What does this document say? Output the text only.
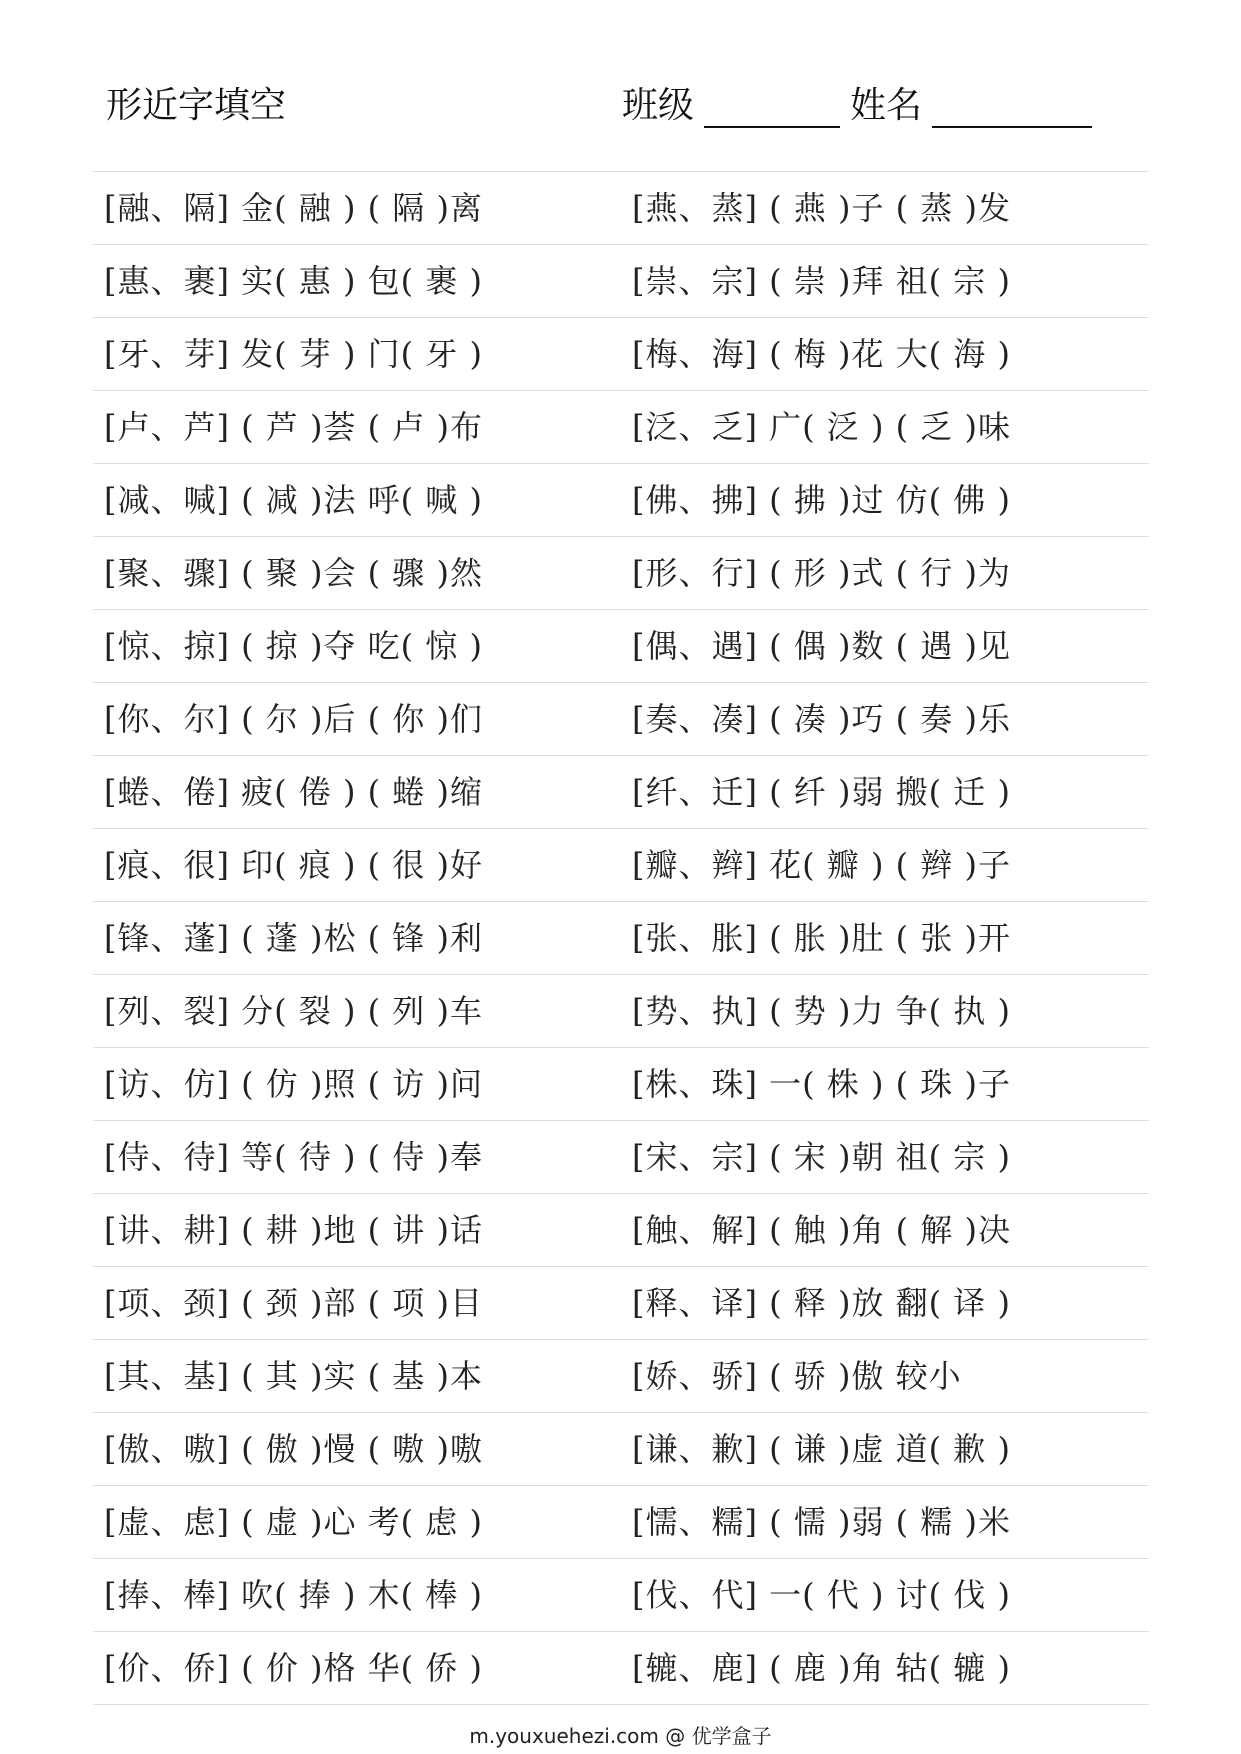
形近字填空	班级	姓名
[融、隔] 金( 融 ) ( 隔 )离	[燕、蒸] ( 燕 )子 ( 蒸 )发
[惠、裹] 实( 惠 ) 包( 裹 )	[崇、宗] ( 崇 )拜 祖( 宗 )
[牙、芽] 发( 芽 ) 门( 牙 )	[梅、海] ( 梅 )花 大( 海 )
[卢、芦] ( 芦 )荟 ( 卢 )布	[泛、乏] 广( 泛 ) ( 乏 )味
[减、喊] ( 减 )法 呼( 喊 )	[佛、拂] ( 拂 )过 仿( 佛 )
[聚、骤] ( 聚 )会 ( 骤 )然	[形、行] ( 形 )式 ( 行 )为
[惊、掠] ( 掠 )夺 吃( 惊 )	[偶、遇] ( 偶 )数 ( 遇 )见
[你、尔] ( 尔 )后 ( 你 )们	[奏、凑] ( 凑 )巧 ( 奏 )乐
[蜷、倦] 疲( 倦 ) ( 蜷 )缩	[纤、迁] ( 纤 )弱 搬( 迁 )
[痕、很] 印( 痕 ) ( 很 )好	[瓣、辫] 花( 瓣 ) ( 辫 )子
[锋、蓬] ( 蓬 )松 ( 锋 )利	[张、胀] ( 胀 )肚 ( 张 )开
[列、裂] 分( 裂 ) ( 列 )车	[势、执] ( 势 )力 争( 执 )
[访、仿] ( 仿 )照 ( 访 )问	[株、珠] 一( 株 ) ( 珠 )子
[侍、待] 等( 待 ) ( 侍 )奉	[宋、宗] ( 宋 )朝 祖( 宗 )
[讲、耕] ( 耕 )地 ( 讲 )话	[触、解] ( 触 )角 ( 解 )决
[项、颈] ( 颈 )部 ( 项 )目	[释、译] ( 释 )放 翻( 译 )
[其、基] ( 其 )实 ( 基 )本	[娇、骄] ( 骄 )傲 较小
[傲、嗷] ( 傲 )慢 ( 嗷 )嗷	[谦、歉] ( 谦 )虚 道( 歉 )
[虚、虑] ( 虚 )心 考( 虑 )	[懦、糯] ( 懦 )弱 ( 糯 )米
[捧、棒] 吹( 捧 ) 木( 棒 )	[伐、代] 一( 代 ) 讨( 伐 )
[价、侨] ( 价 )格 华( 侨 )	[辘、鹿] ( 鹿 )角 轱( 辘 )
m.youxuehezi.com @ 优学盒子
